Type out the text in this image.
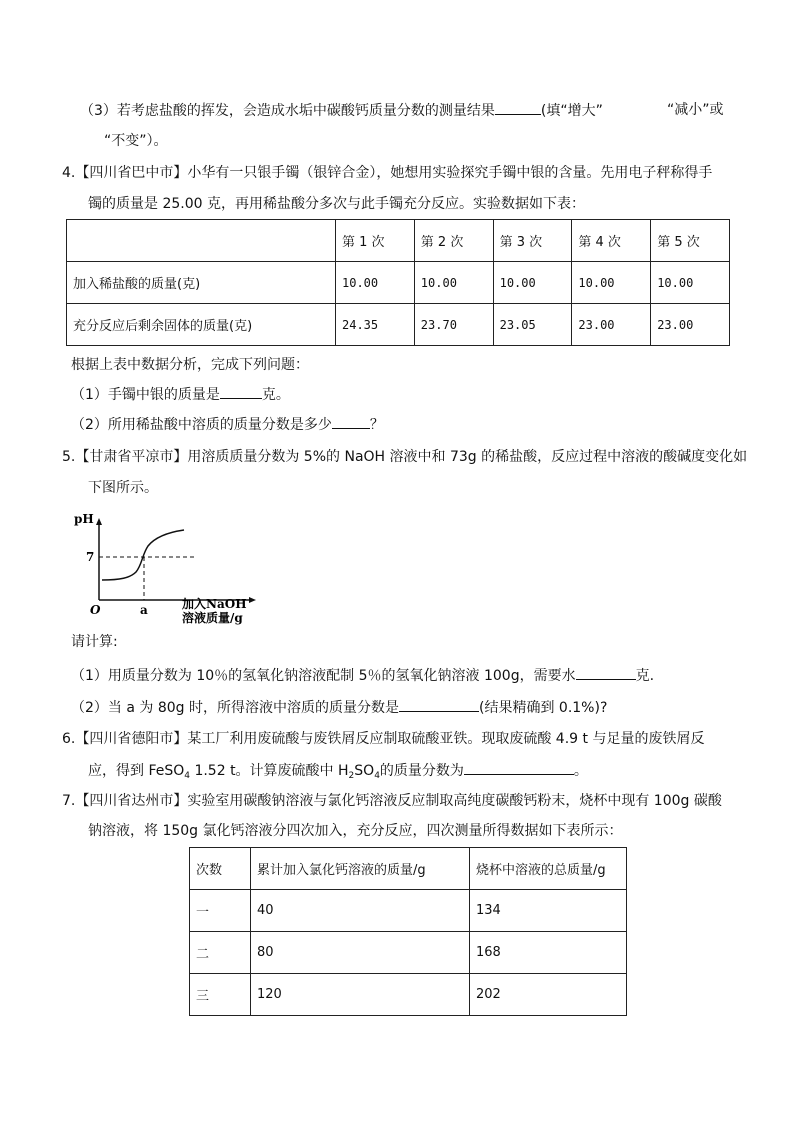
（3）若考虑盐酸的挥发，会造成水垢中碳酸钙质量分数的测量结果	(填“增大”	“减小”或
“不变”）。
4.【四川省巴中市】小华有一只银手镯（银锌合金），她想用实验探究手镯中银的含量。先用电子秤称得手
镯的质量是 25.00 克，再用稀盐酸分多次与此手镯充分反应。实验数据如下表：
	第 1 次	第 2 次	第 3 次	第 4 次	第 5 次
加入稀盐酸的质量(克)	10.00	10.00	10.00	10.00	10.00
充分反应后剩余固体的质量(克)	24.35	23.70	23.05	23.00	23.00
根据上表中数据分析，完成下列问题：
（1）手镯中银的质量是	克。
（2）所用稀盐酸中溶质的质量分数是多少	？
5.【甘肃省平凉市】用溶质质量分数为 5%的 NaOH 溶液中和 73g 的稀盐酸，反应过程中溶液的酸碱度变化如
下图所示。
pH
7
O	a	加入NaOH
溶液质量/g
请计算:
（1）用质量分数为 10％的氢氧化钠溶液配制 5％的氢氧化钠溶液 100g，需要水	克.
（2）当 a 为 80g 时，所得溶液中溶质的质量分数是	(结果精确到 0.1%)?
6.【四川省德阳市】某工厂利用废硫酸与废铁屑反应制取硫酸亚铁。现取废硫酸 4.9 t 与足量的废铁屑反
应，得到 FeSO$_4$ 1.52 t。计算废硫酸中 $H_2SO_4$的质量分数为	。
7.【四川省达州市】实验室用碳酸钠溶液与氯化钙溶液反应制取高纯度碳酸钙粉末，烧杯中现有 100g 碳酸
钠溶液，将 150g 氯化钙溶液分四次加入，充分反应，四次测量所得数据如下表所示：
次数	累计加入氯化钙溶液的质量/g	烧杯中溶液的总质量/g
一	40	134
二	80	168
三	120	202
